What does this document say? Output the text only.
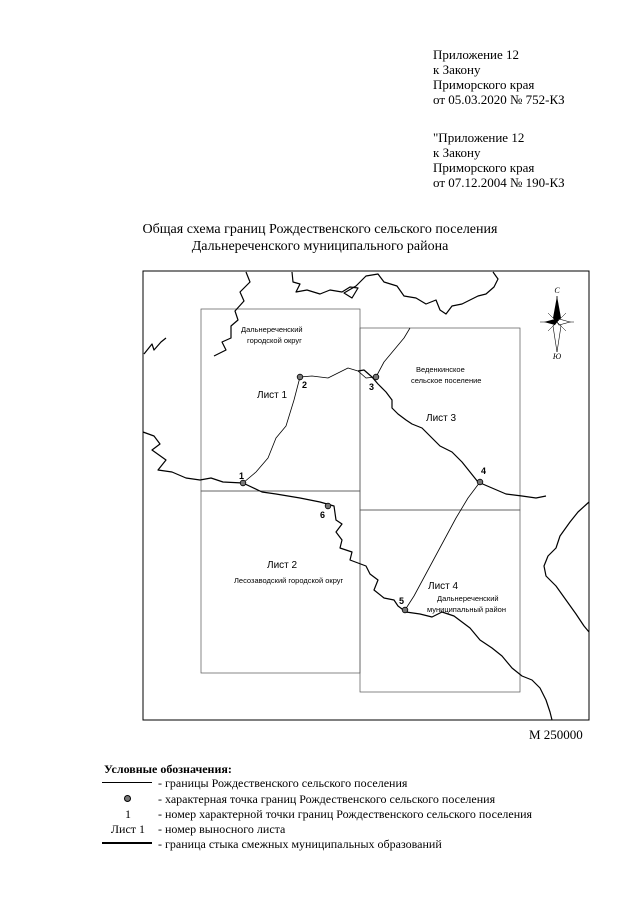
Приложение 12
к Закону
Приморского края
от 05.03.2020 № 752-КЗ
"Приложение 12
к Закону
Приморского края
от 07.12.2004 № 190-КЗ
Общая схема границ Рождественского сельского поселения
Дальнереченского муниципального района
1
2	3
4
5
6
Лист 1
Лист 2
Лист 3
Лист 4
Дальнереченский
городской округ
Веденкинское
сельское поселение
Лесозаводский городской округ
Дальнереченский
муниципальный район
С
Ю
М 250000
Условные обозначения:
- границы Рождественского сельского поселения
- характерная точка границ Рождественского сельского поселения
1	- номер характерной точки границ Рождественского сельского поселения
Лист 1	- номер выносного листа
- граница стыка смежных муниципальных образований
